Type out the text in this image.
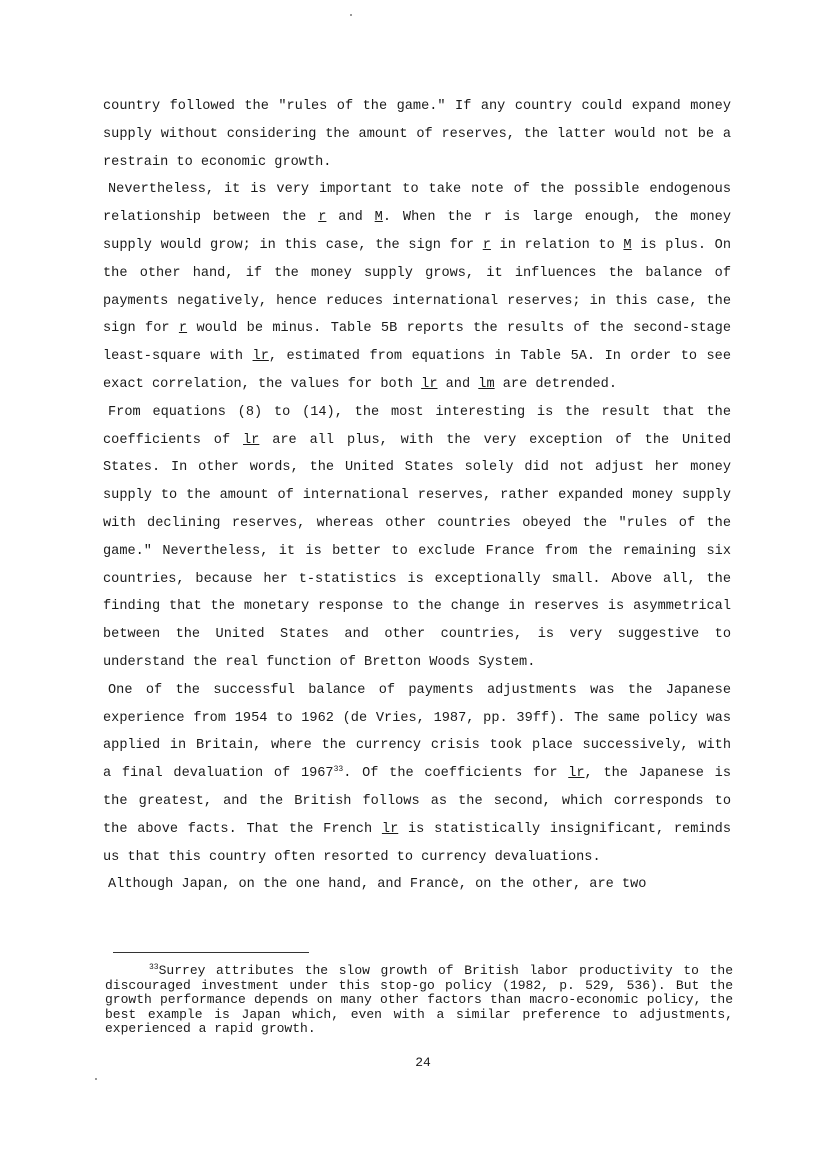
country followed the "rules of the game." If any country could expand money supply without considering the amount of reserves, the latter would not be a restrain to economic growth.

Nevertheless, it is very important to take note of the possible endogenous relationship between the r and M. When the r is large enough, the money supply would grow; in this case, the sign for r in relation to M is plus. On the other hand, if the money supply grows, it influences the balance of payments negatively, hence reduces international reserves; in this case, the sign for r would be minus. Table 5B reports the results of the second-stage least-square with lr, estimated from equations in Table 5A. In order to see exact correlation, the values for both lr and lm are detrended.

From equations (8) to (14), the most interesting is the result that the coefficients of lr are all plus, with the very exception of the United States. In other words, the United States solely did not adjust her money supply to the amount of international reserves, rather expanded money supply with declining reserves, whereas other countries obeyed the "rules of the game." Nevertheless, it is better to exclude France from the remaining six countries, because her t-statistics is exceptionally small. Above all, the finding that the monetary response to the change in reserves is asymmetrical between the United States and other countries, is very suggestive to understand the real function of Bretton Woods System.

One of the successful balance of payments adjustments was the Japanese experience from 1954 to 1962 (de Vries, 1987, pp. 39ff). The same policy was applied in Britain, where the currency crisis took place successively, with a final devaluation of 1967$^{33}$. Of the coefficients for lr, the Japanese is the greatest, and the British follows as the second, which corresponds to the above facts. That the French lr is statistically insignificant, reminds us that this country often resorted to currency devaluations.

Although Japan, on the one hand, and France, on the other, are two

$^{33}$Surrey attributes the slow growth of British labor productivity to the discouraged investment under this stop-go policy (1982, p. 529, 536). But the growth performance depends on many other factors than macro-economic policy, the best example is Japan which, even with a similar preference to adjustments, experienced a rapid growth.

24
